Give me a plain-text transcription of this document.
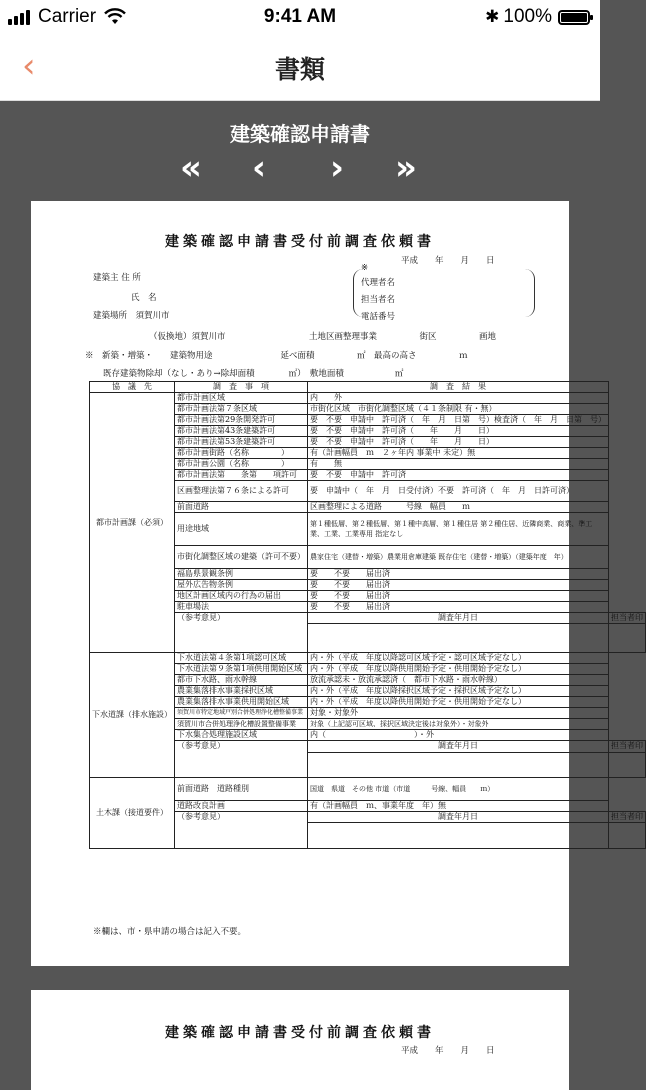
Carrier	9:41 AM	✱ 100%
‹	書類
建築確認申請書
« ‹ › »
建築確認申請書受付前調査依頼書
平成　　年　　月　　日
※
代理者名
担当者名
電話番号
建築主 住 所
氏　名
建築場所　須賀川市
（仮換地）須賀川市	土地区画整理事業　　　　　街区　　　　　画地
※　新築・増築・　　建築物用途　　　　　　　　延べ面積　　　　　㎡　最高の高さ　　　　　ｍ
既存建築物除却（なし・あり→除却面積　　　　㎡）　敷地面積　　　　　　㎡
協　議　先	調　査　事　項	調　査　結　果	
都市計画課（必須）	都市計画区域	内　　外	
	都市計画法第７条区域	市街化区域　市街化調整区域（４１条制限 有・無）	
	都市計画法第29条開発許可	要　不要　申請中　許可済（　年　月　日第　号）検査済（　年　月　日第　号）	
	都市計画法第43条建築許可	要　不要　申請中　許可済（　　年　　月　　日）	
	都市計画法第53条建築許可	要　不要　申請中　許可済（　　年　　月　　日）	
	都市計画街路（名称　　　　）	有（計画幅員　ｍ　２ヶ年内 事業中 未定）無	
	都市計画公園（名称　　　　）	有　　無	
	都市計画法第　　条第　　項許可	要　不要　申請中　許可済	
	区画整理法第７６条による許可	要　申請中（　年　月　日受付済）不要　許可済（　年　月　日許可済）	
	前面道路	区画整理による道路　　　号線　幅員　　ｍ	
	用途地域	第１種低層、第２種低層、第１種中高層、第１種住居 第２種住居、近隣商業、商業、準工業、工業、工業専用 指定なし	
	市街化調整区域の建築（許可不要）	農家住宅（建替・増築）農業用倉庫建築 既存住宅（建替・増築）（建築年度　年）	
	福島県景観条例	要　　不要　　届出済	
	屋外広告物条例	要　　不要　　届出済	
	地区計画区域内の行為の届出	要　　不要　　届出済	
	駐車場法	要　　不要　　届出済	
	（参考意見）	調査年月日	担当者印

下水道課（排水施設）	下水道法第４条第1項認可区域	内・外（平成　年度以降認可区域予定・認可区域予定なし）	
	下水道法第９条第1項供用開始区域	内・外（平成　年度以降供用開始予定・供用開始予定なし）	
	都市下水路、雨水幹線	放流承認未・放流承認済（　都市下水路・雨水幹線）	
	農業集落排水事業採択区域	内・外（平成　年度以降採択区域予定・採択区域予定なし）	
	農業集落排水事業供用開始区域	内・外（平成　年度以降供用開始予定・供用開始予定なし）	
	須賀川市特定地域戸別合併処理浄化槽整備事業	対象・対象外	
	須賀川市合併処理浄化槽設置整備事業	対象（上記認可区域、採択区域決定後は対象外）・対象外	
	下水集合処理施設区域	内（　　　　　　　　　　　）・外	
	（参考意見）	調査年月日	担当者印

土木課（接道要件）	前面道路　道路種別	国道　県道　その他 市道（市道　　　号線、幅員　　ｍ）	
	道路改良計画	有（計画幅員　ｍ、事業年度　年）無	
	（参考意見）	調査年月日	担当者印

※欄は、市・県申請の場合は記入不要。
建築確認申請書受付前調査依頼書
平成　　年　　月　　日
